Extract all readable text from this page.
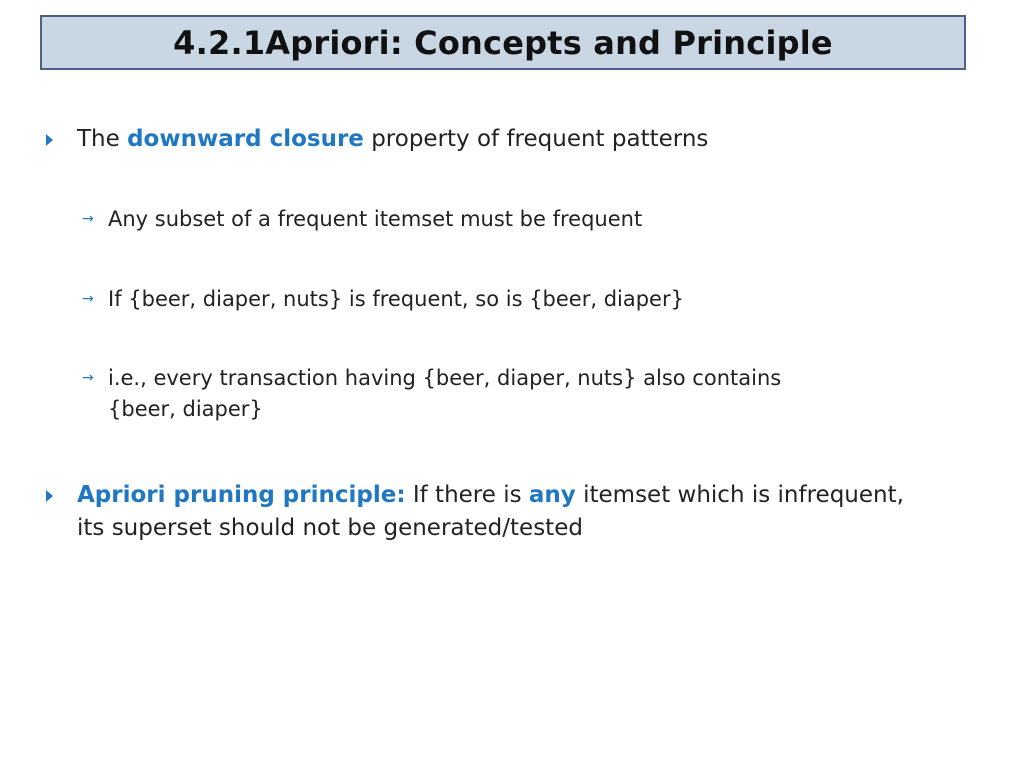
4.2.1Apriori: Concepts and Principle
The downward closure property of frequent patterns
→ Any subset of a frequent itemset must be frequent
→ If {beer, diaper, nuts} is frequent, so is {beer, diaper}
→ i.e., every transaction having {beer, diaper, nuts} also contains
{beer, diaper}
Apriori pruning principle: If there is any itemset which is infrequent,
its superset should not be generated/tested
